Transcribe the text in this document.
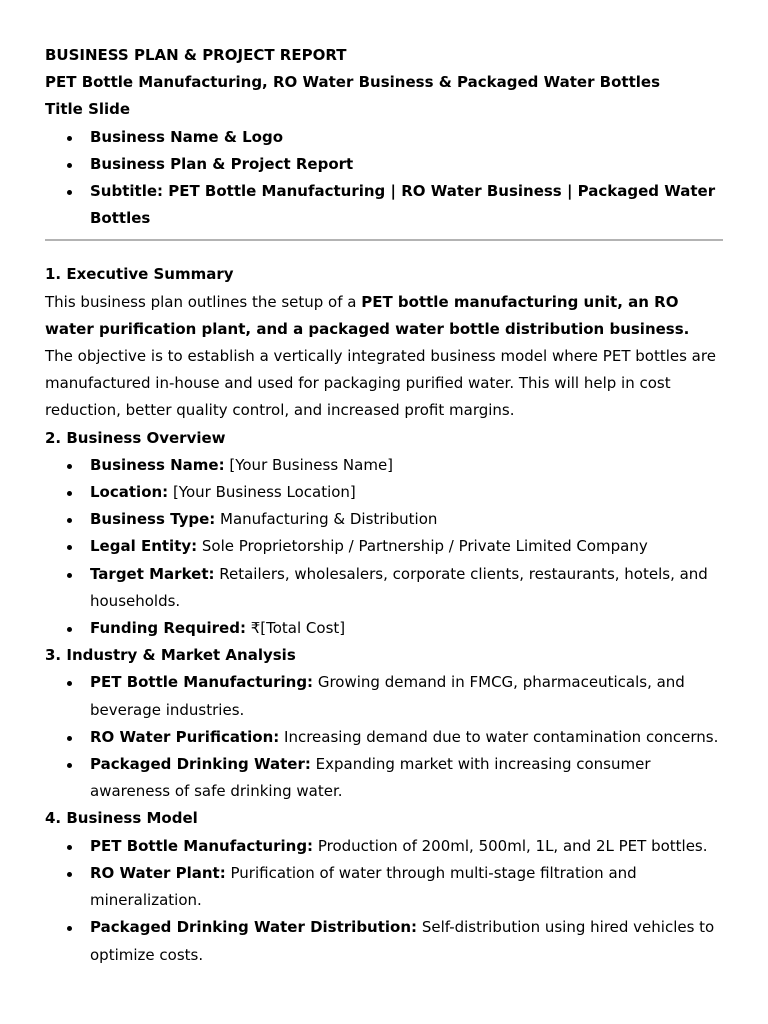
BUSINESS PLAN & PROJECT REPORT
PET Bottle Manufacturing, RO Water Business & Packaged Water Bottles
Title Slide
Business Name & Logo
Business Plan & Project Report
Subtitle: PET Bottle Manufacturing | RO Water Business | Packaged Water Bottles
1. Executive Summary

This business plan outlines the setup of a PET bottle manufacturing unit, an RO water purification plant, and a packaged water bottle distribution business.

The objective is to establish a vertically integrated business model where PET bottles are manufactured in-house and used for packaging purified water. This will help in cost reduction, better quality control, and increased profit margins.

2. Business Overview
Business Name: [Your Business Name]
Location: [Your Business Location]
Business Type: Manufacturing & Distribution
Legal Entity: Sole Proprietorship / Partnership / Private Limited Company
Target Market: Retailers, wholesalers, corporate clients, restaurants, hotels, and households.
Funding Required: ₹[Total Cost]
3. Industry & Market Analysis
PET Bottle Manufacturing: Growing demand in FMCG, pharmaceuticals, and beverage industries.
RO Water Purification: Increasing demand due to water contamination concerns.
Packaged Drinking Water: Expanding market with increasing consumer awareness of safe drinking water.
4. Business Model
PET Bottle Manufacturing: Production of 200ml, 500ml, 1L, and 2L PET bottles.
RO Water Plant: Purification of water through multi-stage filtration and mineralization.
Packaged Drinking Water Distribution: Self-distribution using hired vehicles to optimize costs.
